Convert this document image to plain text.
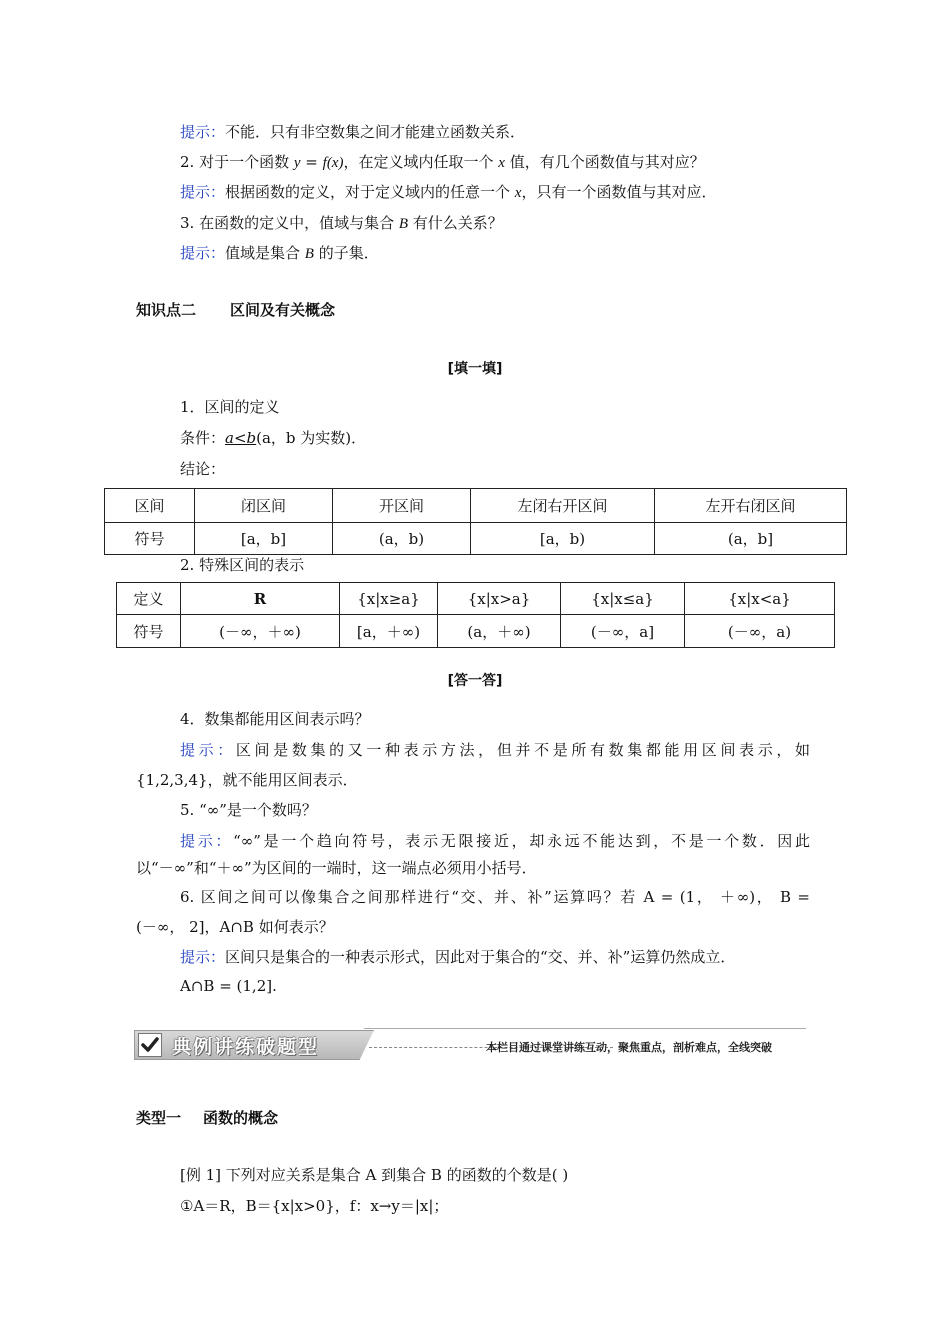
提示：不能．只有非空数集之间才能建立函数关系．
2. 对于一个函数 y = f(x)，在定义域内任取一个 x 值，有几个函数值与其对应？
提示：根据函数的定义，对于定义域内的任意一个 x，只有一个函数值与其对应．
3. 在函数的定义中，值域与集合 B 有什么关系？
提示：值域是集合 B 的子集．
知识点二 区间及有关概念
[填一填]
1．区间的定义
条件：a<b(a，b 为实数)．
结论：
区间	闭区间	开区间	左闭右开区间	左开右闭区间
符号	[a，b]	(a，b)	[a，b)	(a，b]
2. 特殊区间的表示
定义	R	{x|x≥a}	{x|x>a}	{x|x≤a}	{x|x<a}
符号	(－∞，＋∞)	[a，＋∞)	(a，＋∞)	(－∞，a]	(－∞，a)
[答一答]
4．数集都能用区间表示吗？
提示：区间是数集的又一种表示方法，但并不是所有数集都能用区间表示，如
{1,2,3,4}，就不能用区间表示．
5. “∞”是一个数吗？
提示：“∞”是一个趋向符号，表示无限接近，却永远不能达到，不是一个数．因此
以“－∞”和“＋∞”为区间的一端时，这一端点必须用小括号．
6. 区间之间可以像集合之间那样进行“交、并、补”运算吗？若 A = (1， ＋∞)， B =
(－∞， 2]，A∩B 如何表示？
提示：区间只是集合的一种表示形式，因此对于集合的“交、并、补”运算仍然成立．
A∩B = (1,2].
典例讲练破题型	本栏目通过课堂讲练互动，聚焦重点，剖析难点，全线突破
类型一 函数的概念
[例 1] 下列对应关系是集合 A 到集合 B 的函数的个数是( )
①A＝R，B＝{x|x>0}，f：x→y＝|x|；
